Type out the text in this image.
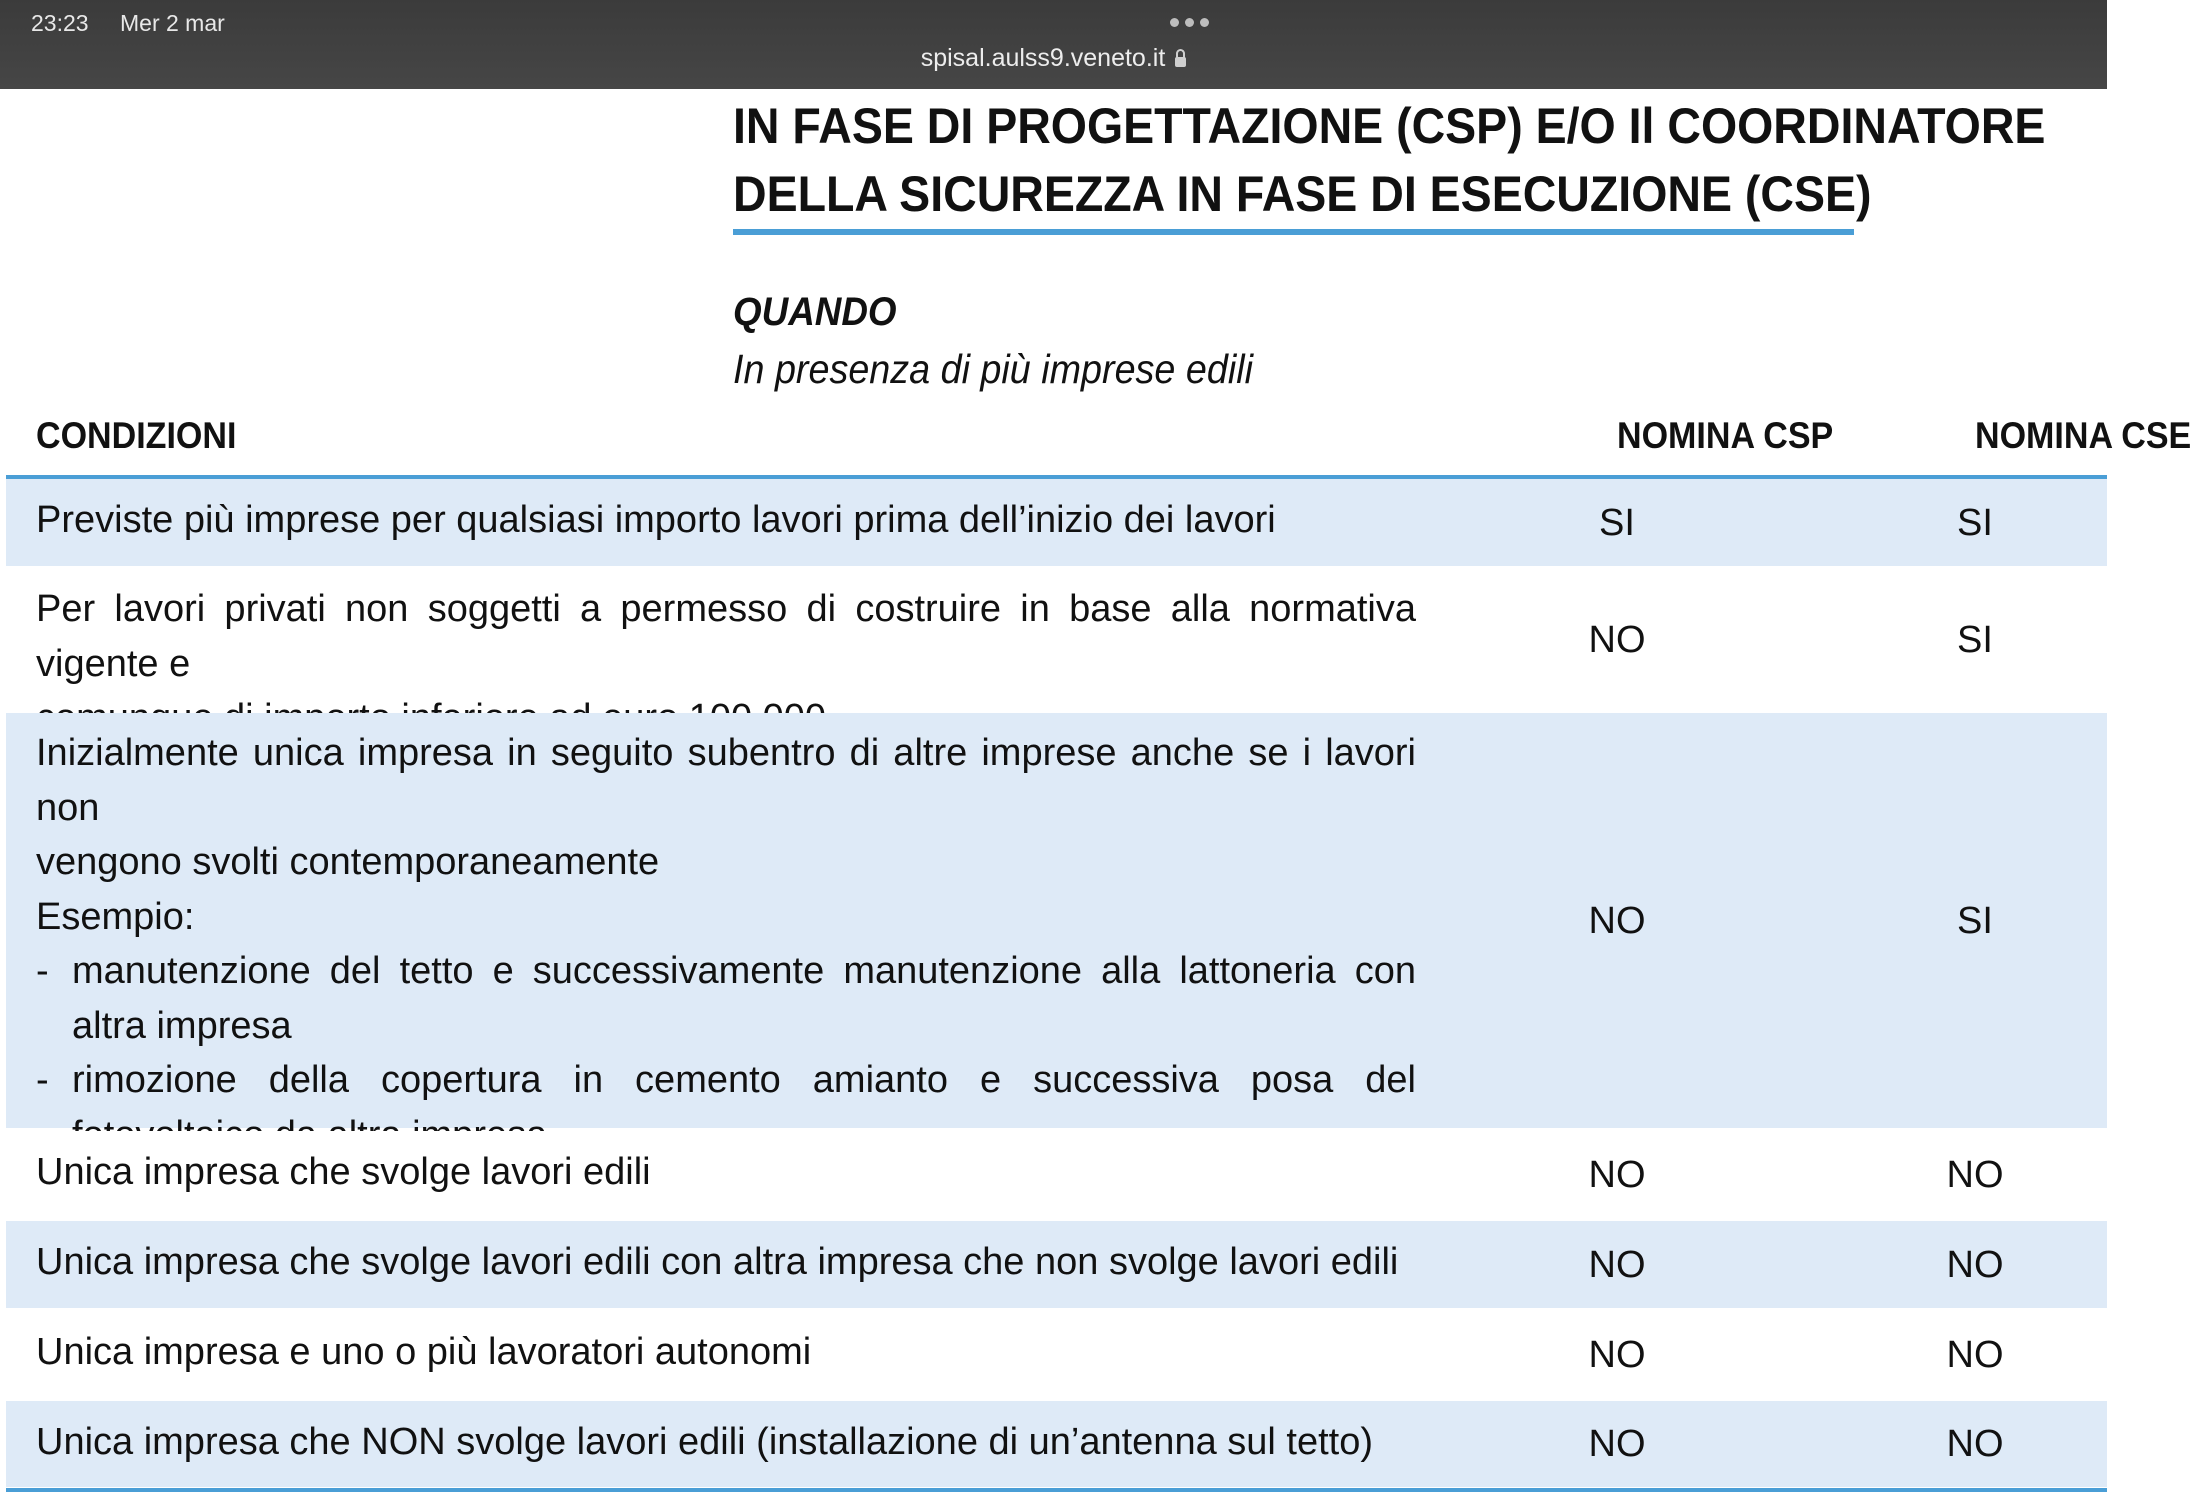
23:23 Mer 2 mar
spisal.aulss9.veneto.it
IN FASE DI PROGETTAZIONE (CSP) E/O Il COORDINATORE
DELLA SICUREZZA IN FASE DI ESECUZIONE (CSE)
QUANDO
In presenza di più imprese edili
CONDIZIONI	NOMINA CSP	NOMINA CSE
Previste più imprese per qualsiasi importo lavori prima dell’inizio dei lavori	SI	SI
Per lavori privati non soggetti a permesso di costruire in base alla normativa vigente e
NO	SI
Inizialmente unica impresa in seguito subentro di altre imprese anche se i lavori non
vengono svolti contemporaneamente
Esempio:
- manutenzione del tetto e successivamente manutenzione alla lattoneria con altra impresa
- rimozione della copertura in cemento amianto e successiva posa del
NO	SI
Unica impresa che svolge lavori edili	NO	NO
Unica impresa che svolge lavori edili con altra impresa che non svolge lavori edili	NO	NO
Unica impresa e uno o più lavoratori autonomi	NO	NO
Unica impresa che NON svolge lavori edili (installazione di un’antenna sul tetto)	NO	NO
